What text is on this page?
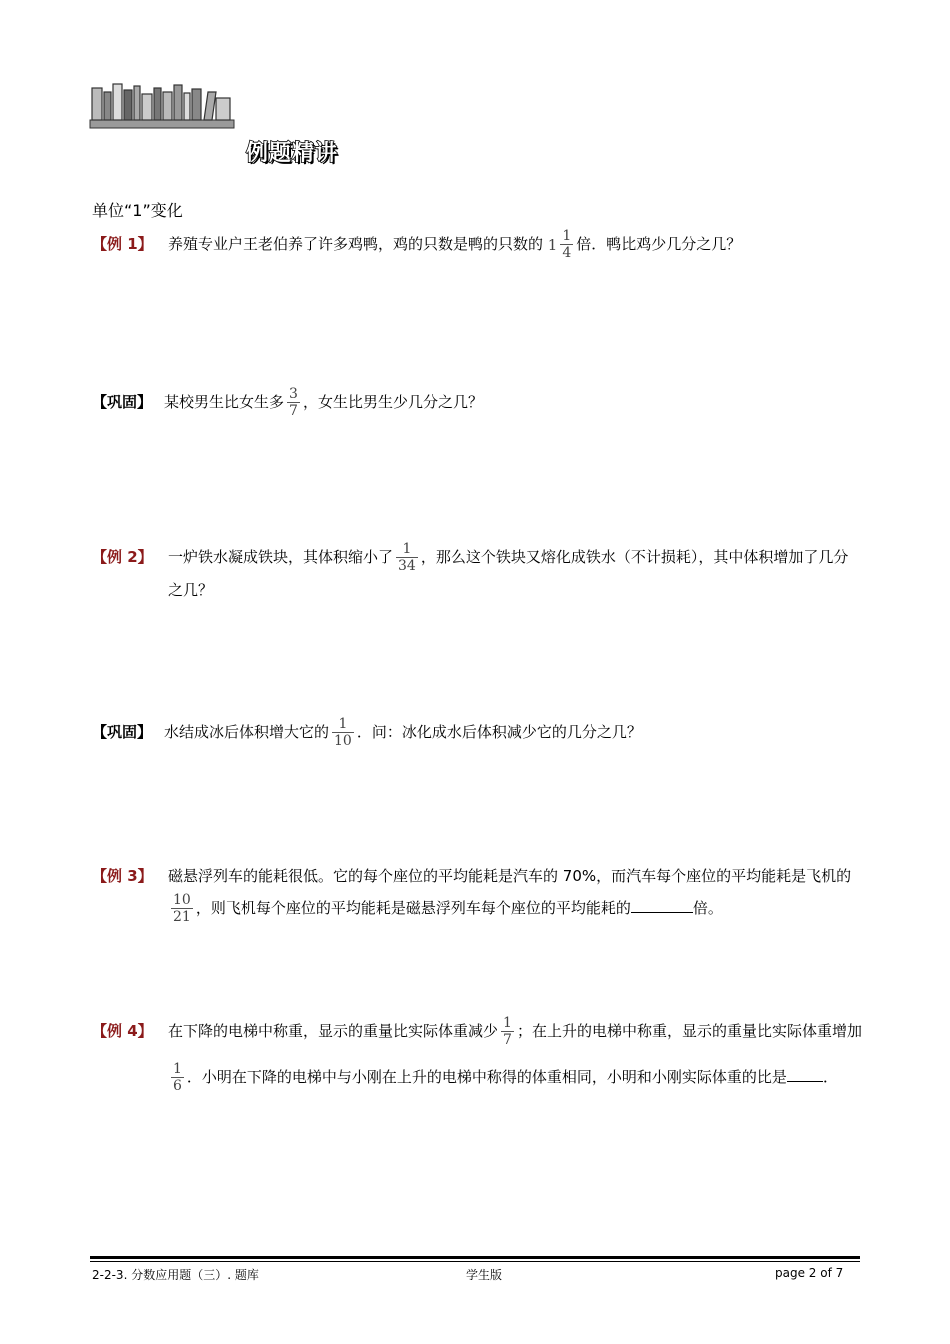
例题精讲
单位“1”变化
【例 1】 养殖专业户王老伯养了许多鸡鸭，鸡的只数是鸭的只数的 $1 \frac{1}{4}$ 倍．鸭比鸡少几分之几？
【巩固】 某校男生比女生多 $\frac{3}{7}$ ，女生比男生少几分之几？
【例 2】 一炉铁水凝成铁块，其体积缩小了 $\frac{1}{34}$ ，那么这个铁块又熔化成铁水（不计损耗），其中体积增加了几分之几？
【巩固】 水结成冰后体积增大它的 $\frac{1}{10}$ ．问：冰化成水后体积减少它的几分之几？
【例 3】 磁悬浮列车的能耗很低。它的每个座位的平均能耗是汽车的 70%，而汽车每个座位的平均能耗是飞机的
$\frac{10}{21}$ ，则飞机每个座位的平均能耗是磁悬浮列车每个座位的平均能耗的	倍。
【例 4】 在下降的电梯中称重，显示的重量比实际体重减少 $\frac{1}{7}$ ；在上升的电梯中称重，显示的重量比实际体重增加
$\frac{1}{6}$ ．小明在下降的电梯中与小刚在上升的电梯中称得的体重相同，小明和小刚实际体重的比是 ．
2-2-3. 分数应用题（三）. 题库	学生版	page 2 of 7
